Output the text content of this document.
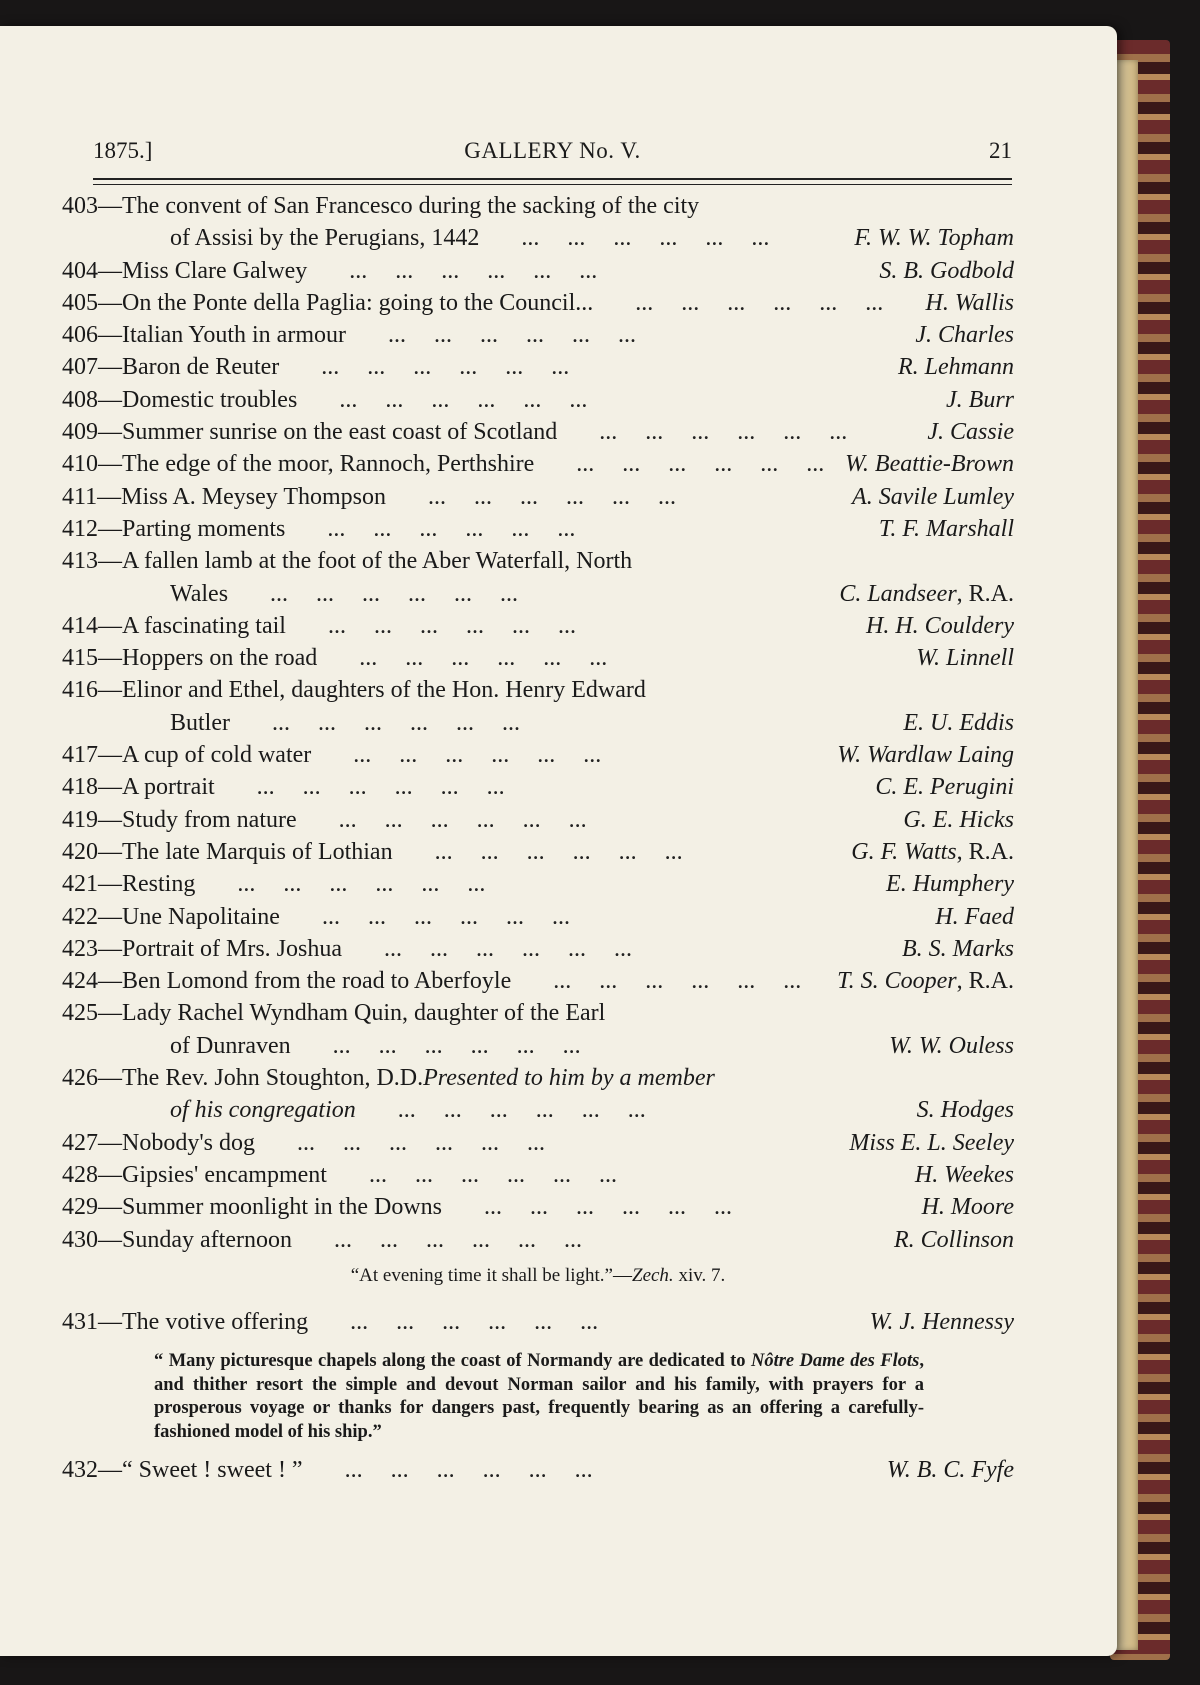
1875.]	GALLERY No. V.	21
403—The convent of San Francesco during the sacking of the city
of Assisi by the Perugians, 1442 ... ... ... ... ... ...	F. W. W. Topham
404—Miss Clare Galwey ... ... ... ... ... ...	S. B. Godbold
405—On the Ponte della Paglia: going to the Council... ... ... ... ... ... ...	H. Wallis
406—Italian Youth in armour ... ... ... ... ... ...	J. Charles
407—Baron de Reuter ... ... ... ... ... ...	R. Lehmann
408—Domestic troubles ... ... ... ... ... ...	J. Burr
409—Summer sunrise on the east coast of Scotland ... ... ... ... ... ...	J. Cassie
410—The edge of the moor, Rannoch, Perthshire ... ... ... ... ... ... W. Beattie-Brown
411—Miss A. Meysey Thompson ... ... ... ... ... ...	A. Savile Lumley
412—Parting moments ... ... ... ... ... ...	T. F. Marshall
413—A fallen lamb at the foot of the Aber Waterfall, North
Wales ... ... ... ... ... ...	C. Landseer, R.A.
414—A fascinating tail ... ... ... ... ... ...	H. H. Couldery
415—Hoppers on the road ... ... ... ... ... ...	W. Linnell
416—Elinor and Ethel, daughters of the Hon. Henry Edward
Butler ... ... ... ... ... ...	E. U. Eddis
417—A cup of cold water ... ... ... ... ... ...	W. Wardlaw Laing
418—A portrait ... ... ... ... ... ...	C. E. Perugini
419—Study from nature ... ... ... ... ... ...	G. E. Hicks
420—The late Marquis of Lothian ... ... ... ... ... ...	G. F. Watts, R.A.
421—Resting ... ... ... ... ... ...	E. Humphery
422—Une Napolitaine ... ... ... ... ... ...	H. Faed
423—Portrait of Mrs. Joshua ... ... ... ... ... ...	B. S. Marks
424—Ben Lomond from the road to Aberfoyle ... ... ... ... ... ...	T. S. Cooper, R.A.
425—Lady Rachel Wyndham Quin, daughter of the Earl
of Dunraven ... ... ... ... ... ...	W. W. Ouless
426—The Rev. John Stoughton, D.D. Presented to him by a member
of his congregation ... ... ... ... ... ...	S. Hodges
427—Nobody's dog ... ... ... ... ... ...	Miss E. L. Seeley
428—Gipsies' encampment ... ... ... ... ... ...	H. Weekes
429—Summer moonlight in the Downs ... ... ... ... ... ...	H. Moore
430—Sunday afternoon ... ... ... ... ... ...	R. Collinson
“At evening time it shall be light.”—Zech. xiv. 7.
431—The votive offering ... ... ... ... ... ...	W. J. Hennessy
“ Many picturesque chapels along the coast of Normandy are dedicated to Nôtre Dame des Flots, and thither resort the simple and devout Norman sailor and his family, with prayers for a prosperous voyage or thanks for dangers past, frequently bearing as an offering a carefully-fashioned model of his ship.”
432—“ Sweet ! sweet ! ” ... ... ... ... ... ...	W. B. C. Fyfe
